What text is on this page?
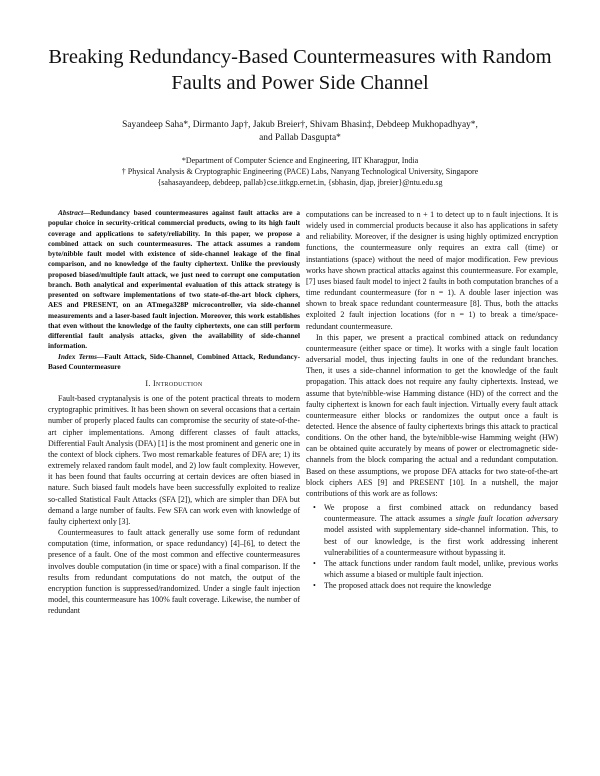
Breaking Redundancy-Based Countermeasures with Random Faults and Power Side Channel
Sayandeep Saha*, Dirmanto Jap†, Jakub Breier†, Shivam Bhasin‡, Debdeep Mukhopadhyay*,
and Pallab Dasgupta*
*Department of Computer Science and Engineering, IIT Kharagpur, India
† Physical Analysis & Cryptographic Engineering (PACE) Labs, Nanyang Technological University, Singapore
{sahasayandeep, debdeep, pallab}cse.iitkgp.ernet.in, {sbhasin, djap, jbreier}@ntu.edu.sg

Abstract—Redundancy based countermeasures against fault attacks are a popular choice in security-critical commercial products, owing to its high fault coverage and applications to safety/reliability. In this paper, we propose a combined attack on such countermeasures. The attack assumes a random byte/nibble fault model with existence of side-channel leakage of the final comparison, and no knowledge of the faulty ciphertext. Unlike the previously proposed biased/multiple fault attack, we just need to corrupt one computation branch. Both analytical and experimental evaluation of this attack strategy is presented on software implementations of two state-of-the-art block ciphers, AES and PRESENT, on an ATmega328P microcontroller, via side-channel measurements and a laser-based fault injection. Moreover, this work establishes that even without the knowledge of the faulty ciphertexts, one can still perform differential fault analysis attacks, given the availability of side-channel information.

Index Terms—Fault Attack, Side-Channel, Combined Attack, Redundancy-Based Countermeasure

I. Introduction

Fault-based cryptanalysis is one of the potent practical threats to modern cryptographic primitives. It has been shown on several occasions that a certain number of properly placed faults can compromise the security of state-of-the-art cipher implementations. Among different classes of fault attacks, Differential Fault Analysis (DFA) [1] is the most prominent and generic one in the context of block ciphers. Two most remarkable features of DFA are; 1) its extremely relaxed random fault model, and 2) low fault complexity. However, it has been found that faults occurring at certain devices are often biased in nature. Such biased fault models have been successfully exploited to realize so-called Statistical Fault Attacks (SFA [2]), which are simpler than DFA but demand a large number of faults. Few SFA can work even with knowledge of faulty ciphertext only [3].

Countermeasures to fault attack generally use some form of redundant computation (time, information, or space redundancy) [4]–[6], to detect the presence of a fault. One of the most common and effective countermeasures involves double computation (in time or space) with a final comparison. If the results from redundant computations do not match, the output of the encryption function is suppressed/randomized. Under a single fault injection model, this countermeasure has 100% fault coverage. Likewise, the number of redundant

computations can be increased to n + 1 to detect up to n fault injections. It is widely used in commercial products because it also has applications in safety and reliability. Moreover, if the designer is using highly optimized encryption functions, the countermeasure only requires an extra call (time) or instantiations (space) without the need of major modification. Few previous works have shown practical attacks against this countermeasure. For example, [7] uses biased fault model to inject 2 faults in both computation branches of a time redundant countermeasure (for n = 1). A double laser injection was shown to break space redundant countermeasure [8]. Thus, both the attacks exploited 2 fault injection locations (for n = 1) to break a time/space-redundant countermeasure.

In this paper, we present a practical combined attack on redundancy countermeasure (either space or time). It works with a single fault location adversarial model, thus injecting faults in one of the redundant branches. Then, it uses a side-channel information to get the knowledge of the fault propagation. This attack does not require any faulty ciphertexts. Instead, we assume that byte/nibble-wise Hamming distance (HD) of the correct and the faulty ciphertext is known for each fault injection. Virtually every fault attack countermeasure either blocks or randomizes the output once a fault is detected. Hence the absence of faulty ciphertexts brings this attack to practical conditions. On the other hand, the byte/nibble-wise Hamming weight (HW) can be obtained quite accurately by means of power or electromagnetic side-channels from the block comparing the actual and a redundant computation. Based on these assumptions, we propose DFA attacks for two state-of-the-art block ciphers AES [9] and PRESENT [10]. In a nutshell, the major contributions of this work are as follows:

• We propose a first combined attack on redundancy based countermeasure. The attack assumes a single fault location adversary model assisted with supplementary side-channel information. This, to best of our knowledge, is the first work addressing inherent vulnerabilities of a countermeasure without bypassing it.
• The attack functions under random fault model, unlike, previous works which assume a biased or multiple fault injection.
• The proposed attack does not require the knowledge
